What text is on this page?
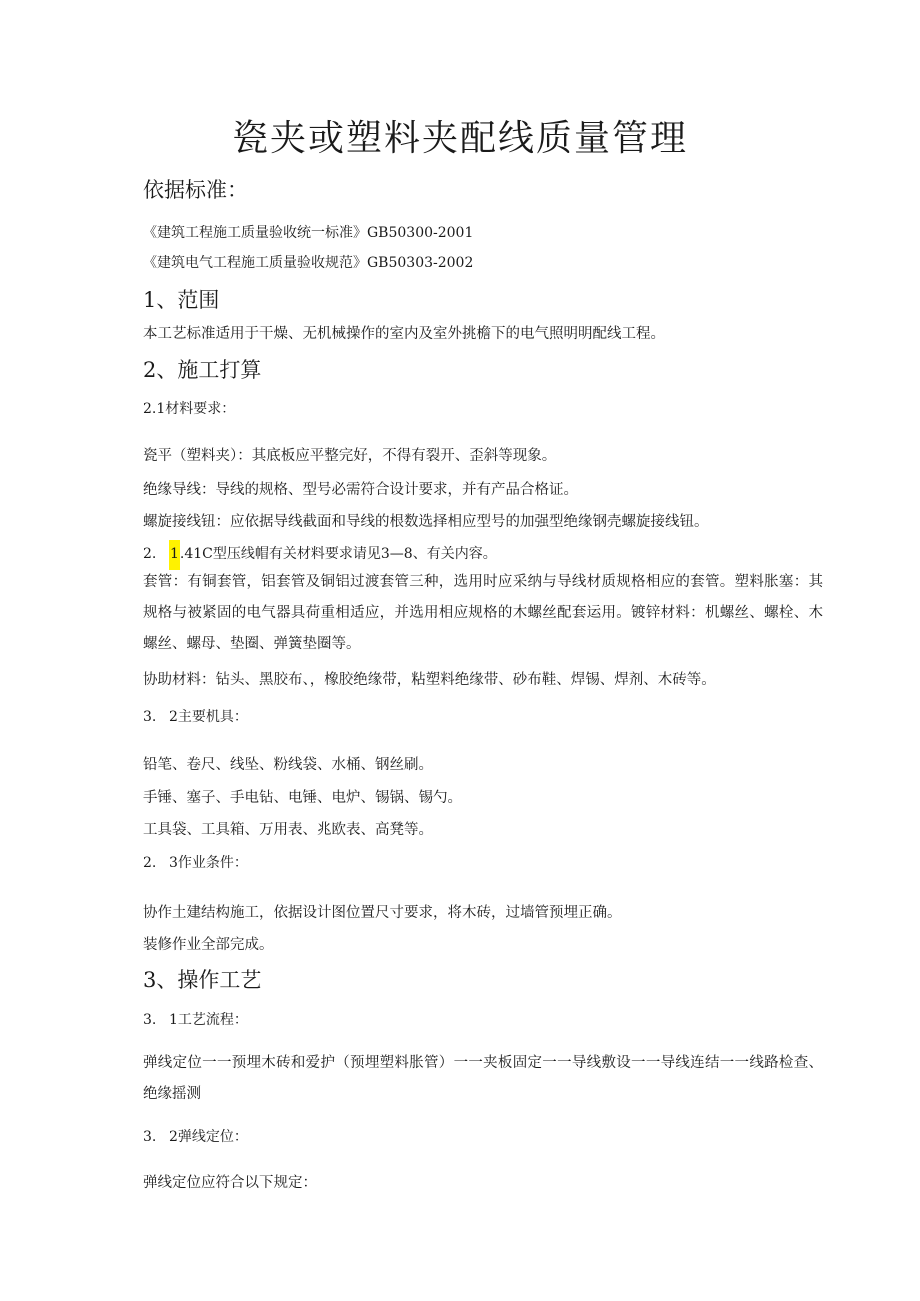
瓷夹或塑料夹配线质量管理
依据标准：
《建筑工程施工质量验收统一标准》GB50300-2001
《建筑电气工程施工质量验收规范》GB50303-2002
1、范围
本工艺标准适用于干燥、无机械操作的室内及室外挑檐下的电气照明明配线工程。
2、施工打算
2.1材料要求：
瓷平（塑料夹）：其底板应平整完好，不得有裂开、歪斜等现象。
绝缘导线：导线的规格、型号必需符合设计要求，并有产品合格证。
螺旋接线钮：应依据导线截面和导线的根数选择相应型号的加强型绝缘钢壳螺旋接线钮。
2. 1.41C型压线帽有关材料要求请见3—8、有关内容。
套管：有铜套管，铝套管及铜铝过渡套管三种，选用时应采纳与导线材质规格相应的套管。塑料胀塞：其规格与被紧固的电气器具荷重相适应，并选用相应规格的木螺丝配套运用。镀锌材料：机螺丝、螺栓、木螺丝、螺母、垫圈、弹簧垫圈等。
协助材料：钻头、黑胶布、，橡胶绝缘带，粘塑料绝缘带、砂布鞋、焊锡、焊剂、木砖等。
3. 2主要机具：
铅笔、卷尺、线坠、粉线袋、水桶、钢丝刷。
手锤、塞子、手电钻、电锤、电炉、锡锅、锡勺。
工具袋、工具箱、万用表、兆欧表、高凳等。
2. 3作业条件：
协作土建结构施工，依据设计图位置尺寸要求，将木砖，过墙管预埋正确。
装修作业全部完成。
3、操作工艺
3. 1工艺流程：
弹线定位一一预埋木砖和爱护（预埋塑料胀管）一一夹板固定一一导线敷设一一导线连结一一线路检查、绝缘摇测
3. 2弹线定位：
弹线定位应符合以下规定：
